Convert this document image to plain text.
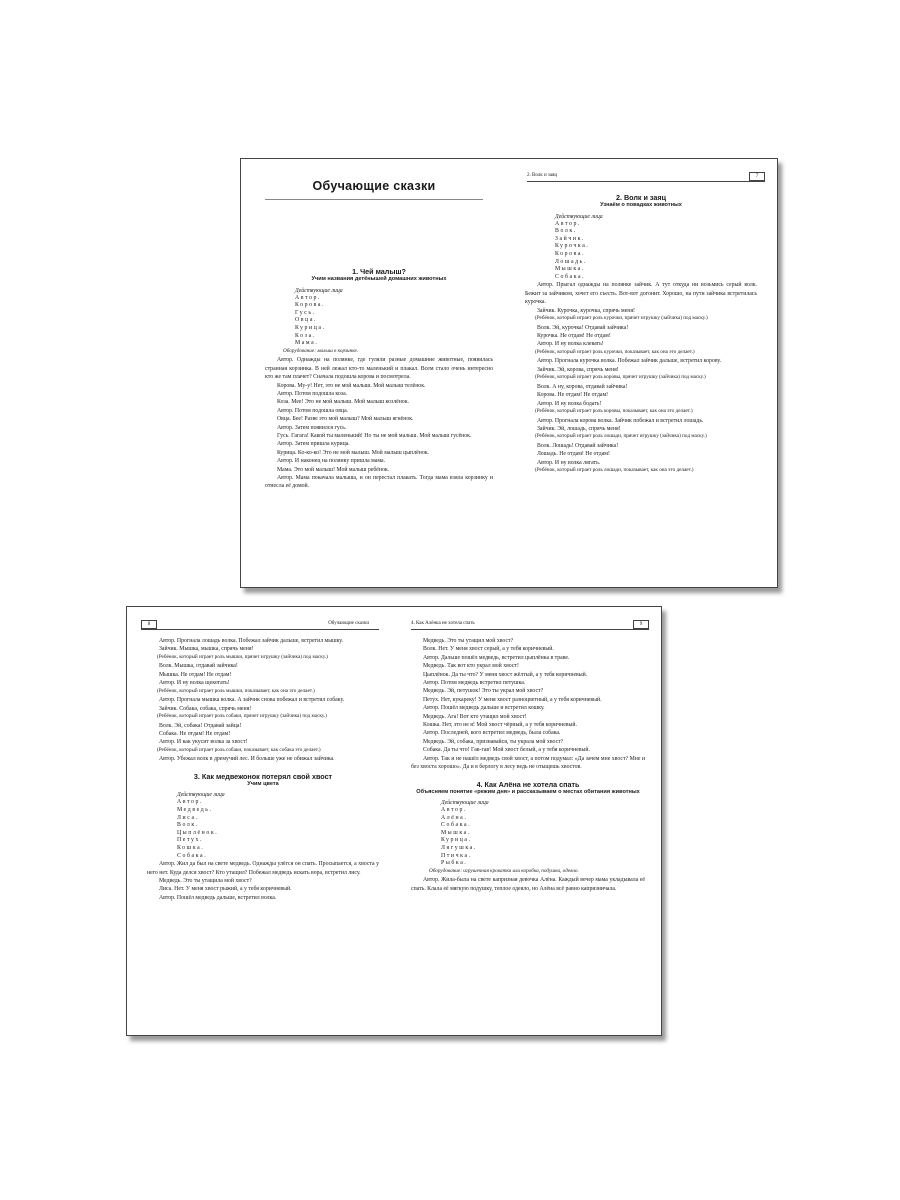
Обучающие сказки

1. Чей малыш?

Учим названия детёнышей домашних животных

Действующие лица

Автор.

Корова.

Гусь.

Овца.

Курица.

Коза.

Мама.

Оборудование: малыш в корзинке.

Автор. Однажды на полянке, где гуляли разные домашние животные, появилась странная корзинка. В ней лежал кто-то маленький и плакал. Всем стало очень интересно кто же там плачет? Сначала подошла корова и посмотрела.

Корова. Му-у! Нет, это не мой малыш. Мой малыш телёнок.

Автор. Потом подошла коза.

Коза. Мее! Это не мой малыш. Мой малыш козлёнок.

Автор. Потом подошла овца.

Овца. Бее! Разве это мой малыш? Мой малыш ягнёнок.

Автор. Затем появился гусь.

Гусь. Гагага! Какой ты маленький! Но ты не мой малыш. Мой малыш гусёнок.

Автор. Затем пришла курица.

Курица. Ко-ко-ко! Это не мой малыш. Мой малыш цыплёнок.

Автор. И наконец на полянку пришла мама.

Мама. Это мой малыш! Мой малыш ребёнок.

Автор. Мама покачала малыша, и он перестал плакать. Тогда мама взяла корзинку и отнесла её домой.

2. Волк и заяц	7

2. Волк и заяц

Узнаём о повадках животных

Действующие лица

Автор.

Волк.

Зайчик.

Курочка.

Корова.

Лошадь.

Мышка.

Собака.

Автор. Прыгал однажды на полянке зайчик. А тут откуда ни возьмись серый волк. Бежит за зайчиком, хочет его съесть. Вот-вот догонит. Хорошо, на пути зайчика встретилась курочка.

Зайчик. Курочка, курочка, спрячь меня!

(Ребёнок, который играет роль курочки, прячет игрушку (зайчика) под маску.)

Волк. Эй, курочка! Отдавай зайчика!

Курочка. Не отдам! Не отдам!

Автор. И ну волка клевать!

(Ребёнок, который играет роль курочки, показывает, как она это делает.)

Автор. Прогнала курочка волка. Побежал зайчик дальше, встретил корову.

Зайчик. Эй, корова, спрячь меня!

(Ребёнок, который играет роль коровы, прячет игрушку (зайчика) под маску.)

Волк. А ну, корова, отдавай зайчика!

Корова. Не отдам! Не отдам!

Автор. И ну волка бодать!

(Ребёнок, который играет роль коровы, показывает, как она это делает.)

Автор. Прогнала корова волка. Зайчик побежал и встретил лошадь.

Зайчик. Эй, лошадь, спрячь меня!

(Ребёнок, который играет роль лошади, прячет игрушку (зайчика) под маску.)

Волк. Лошадь! Отдавай зайчика!

Лошадь. Не отдам! Не отдам!

Автор. И ну волка лягать.

(Ребёнок, который играет роль лошади, показывает, как она это делает.)

8	Обучающие сказки

Автор. Прогнала лошадь волка. Побежал зайчик дальше, встретил мышку.

Зайчик. Мышка, мышка, спрячь меня!

(Ребёнок, который играет роль мышки, прячет игрушку (зайчика) под маску.)

Волк. Мышка, отдавай зайчика!

Мышка. Не отдам! Не отдам!

Автор. И ну волка щекотать!

(Ребёнок, который играет роль мышки, показывает, как она это делает.)

Автор. Прогнала мышка волка. А зайчик снова побежал и встретил собаку.

Зайчик. Собака, собака, спрячь меня!

(Ребёнок, который играет роль собаки, прячет игрушку (зайчика) под маску.)

Волк. Эй, собака! Отдавай зайца!

Собака. Не отдам! Не отдам!

Автор. И как укусит волка за хвост!

(Ребёнок, который играет роль собаки, показывает, как собака это делает.)

Автор. Убежал волк в дремучий лес. И больше уже не обижал зайчика.

3. Как медвежонок потерял свой хвост

Учим цвета

Действующие лица

Автор.

Медведь.

Лиса.

Волк.

Цыплёнок.

Петух.

Кошка.

Собака.

Автор. Жил да был на свете медведь. Однажды улёгся он спать. Просыпается, а хвоста у него нет. Куда делся хвост? Кто утащил? Побежал медведь искать вора, встретил лису.

Медведь. Это ты утащила мой хвост?

Лиса. Нет. У меня хвост рыжий, а у тебя коричневый.

Автор. Пошёл медведь дальше, встретил волка.

4. Как Алёнка не хотела спать	9

Медведь. Это ты утащил мой хвост?

Волк. Нет. У меня хвост серый, а у тебя коричневый.

Автор. Дальше пошёл медведь, встретил цыплёнка в траве.

Медведь. Так вот кто украл мой хвост!

Цыплёнок. Да ты что? У меня хвост жёлтый, а у тебя коричневый.

Автор. Потом медведь встретил петушка.

Медведь. Эй, петушок! Это ты украл мой хвост?

Петух. Нет, кукареку! У меня хвост разноцветный, а у тебя коричневый.

Автор. Пошёл медведь дальше и встретил кошку.

Медведь. Ага! Вот кто утащил мой хвост!

Кошка. Нет, это не я! Мой хвост чёрный, а у тебя коричневый.

Автор. Последней, кого встретил медведь, была собака.

Медведь. Эй, собака, признавайся, ты украла мой хвост?

Собака. Да ты что! Гав-гав! Мой хвост белый, а у тебя коричневый.

Автор. Так и не нашёл медведь свой хвост, а потом подумал: «Да зачем мне хвост? Мне и без хвоста хорошо». Да и в берлогу в лесу ведь не отыщешь хвостов.

4. Как Алёна не хотела спать

Объясняем понятие «режим дня» и рассказываем о местах обитания животных

Действующие лица

Автор.

Алёна.

Собака.

Мышка.

Курица.

Лягушка.

Птичка.

Рыбка.

Оборудование: игрушечная кроватка или коробка, подушка, одеяло.

Автор. Жила-была на свете капризная девочка Алёна. Каждый вечер мама укладывала её спать. Клала её мягкую подушку, теплое одеяло, но Алёна всё равно капризничала.
